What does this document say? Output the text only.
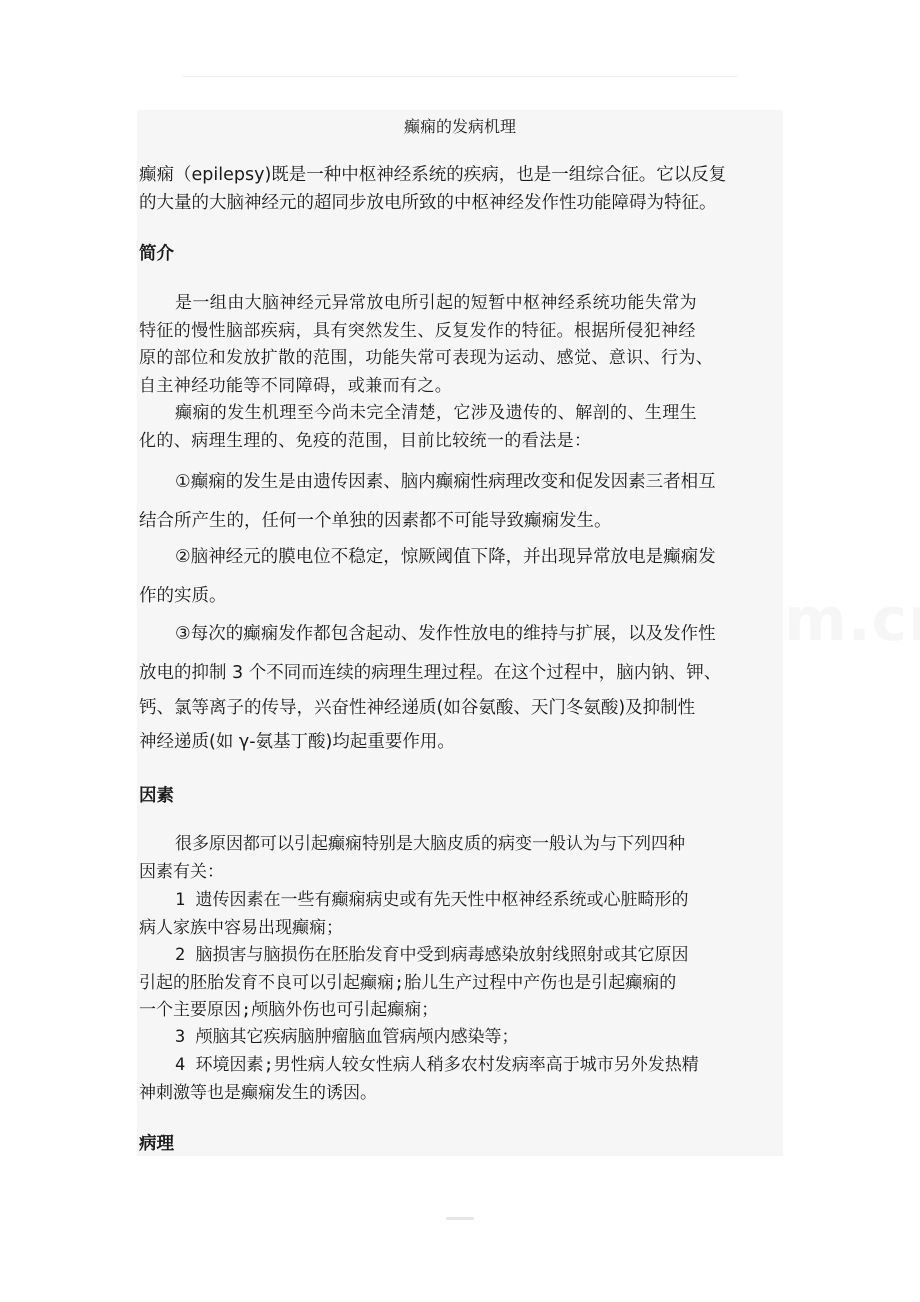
癫痫的发病机理
癫痫（epilepsy)既是一种中枢神经系统的疾病，也是一组综合征。它以反复
的大量的大脑神经元的超同步放电所致的中枢神经发作性功能障碍为特征。
简介
是一组由大脑神经元异常放电所引起的短暂中枢神经系统功能失常为
特征的慢性脑部疾病，具有突然发生、反复发作的特征。根据所侵犯神经
原的部位和发放扩散的范围，功能失常可表现为运动、感觉、意识、行为、
自主神经功能等不同障碍，或兼而有之。
癫痫的发生机理至今尚未完全清楚，它涉及遗传的、解剖的、生理生
化的、病理生理的、免疫的范围，目前比较统一的看法是：
①癫痫的发生是由遗传因素、脑内癫痫性病理改变和促发因素三者相互
结合所产生的，任何一个单独的因素都不可能导致癫痫发生。
②脑神经元的膜电位不稳定，惊厥阈值下降，并出现异常放电是癫痫发
作的实质。
③每次的癫痫发作都包含起动、发作性放电的维持与扩展，以及发作性
放电的抑制 3 个不同而连续的病理生理过程。在这个过程中，脑内钠、钾、
钙、氯等离子的传导，兴奋性神经递质(如谷氨酸、天门冬氨酸)及抑制性
神经递质(如 γ-氨基丁酸)均起重要作用。
因素
很多原因都可以引起癫痫特别是大脑皮质的病变一般认为与下列四种
因素有关：
1 遗传因素在一些有癫痫病史或有先天性中枢神经系统或心脏畸形的
病人家族中容易出现癫痫；
2 脑损害与脑损伤在胚胎发育中受到病毒感染放射线照射或其它原因
引起的胚胎发育不良可以引起癫痫;胎儿生产过程中产伤也是引起癫痫的
一个主要原因;颅脑外伤也可引起癫痫；
3 颅脑其它疾病脑肿瘤脑血管病颅内感染等；
4 环境因素;男性病人较女性病人稍多农村发病率高于城市另外发热精
神刺激等也是癫痫发生的诱因。
病理
